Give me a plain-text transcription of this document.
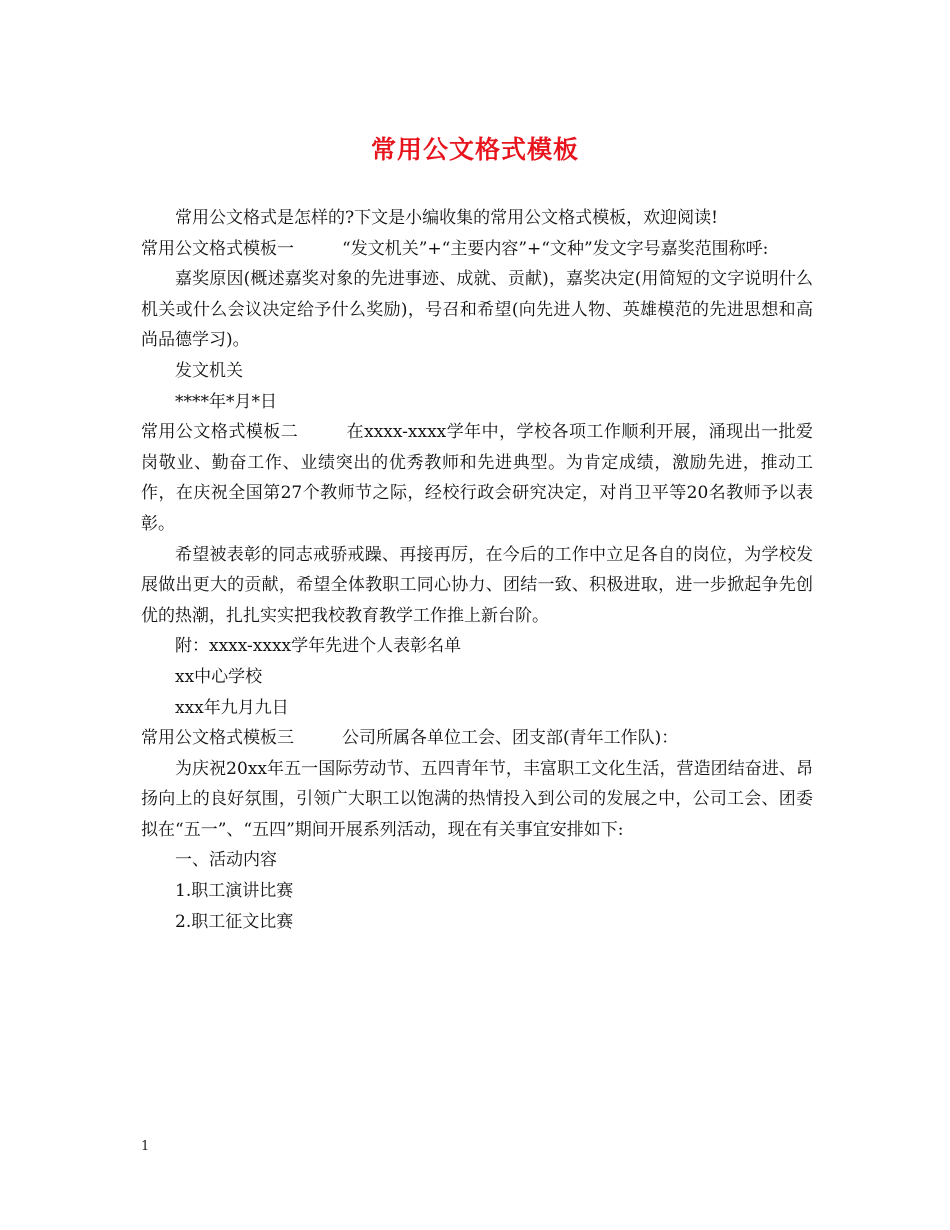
常用公文格式模板

常用公文格式是怎样的?下文是小编收集的常用公文格式模板，欢迎阅读!

常用公文格式模板一	“发文机关”+“主要内容”+“文种”发文字号嘉奖范围称呼:

嘉奖原因(概述嘉奖对象的先进事迹、成就、贡献)，嘉奖决定(用简短的文字说明什么机关或什么会议决定给予什么奖励)，号召和希望(向先进人物、英雄模范的先进思想和高尚品德学习)。

发文机关

****年*月*日

常用公文格式模板二	在xxxx-xxxx学年中，学校各项工作顺利开展，涌现出一批爱岗敬业、勤奋工作、业绩突出的优秀教师和先进典型。为肯定成绩，激励先进，推动工作，在庆祝全国第27个教师节之际，经校行政会研究决定，对肖卫平等20名教师予以表彰。

希望被表彰的同志戒骄戒躁、再接再厉，在今后的工作中立足各自的岗位，为学校发展做出更大的贡献，希望全体教职工同心协力、团结一致、积极进取，进一步掀起争先创优的热潮，扎扎实实把我校教育教学工作推上新台阶。

附：xxxx-xxxx学年先进个人表彰名单

xx中心学校

xxx年九月九日

常用公文格式模板三	公司所属各单位工会、团支部(青年工作队)：

为庆祝20xx年五一国际劳动节、五四青年节，丰富职工文化生活，营造团结奋进、昂扬向上的良好氛围，引领广大职工以饱满的热情投入到公司的发展之中，公司工会、团委拟在“五一”、“五四”期间开展系列活动，现在有关事宜安排如下:

一、活动内容

1.职工演讲比赛

2.职工征文比赛

1
